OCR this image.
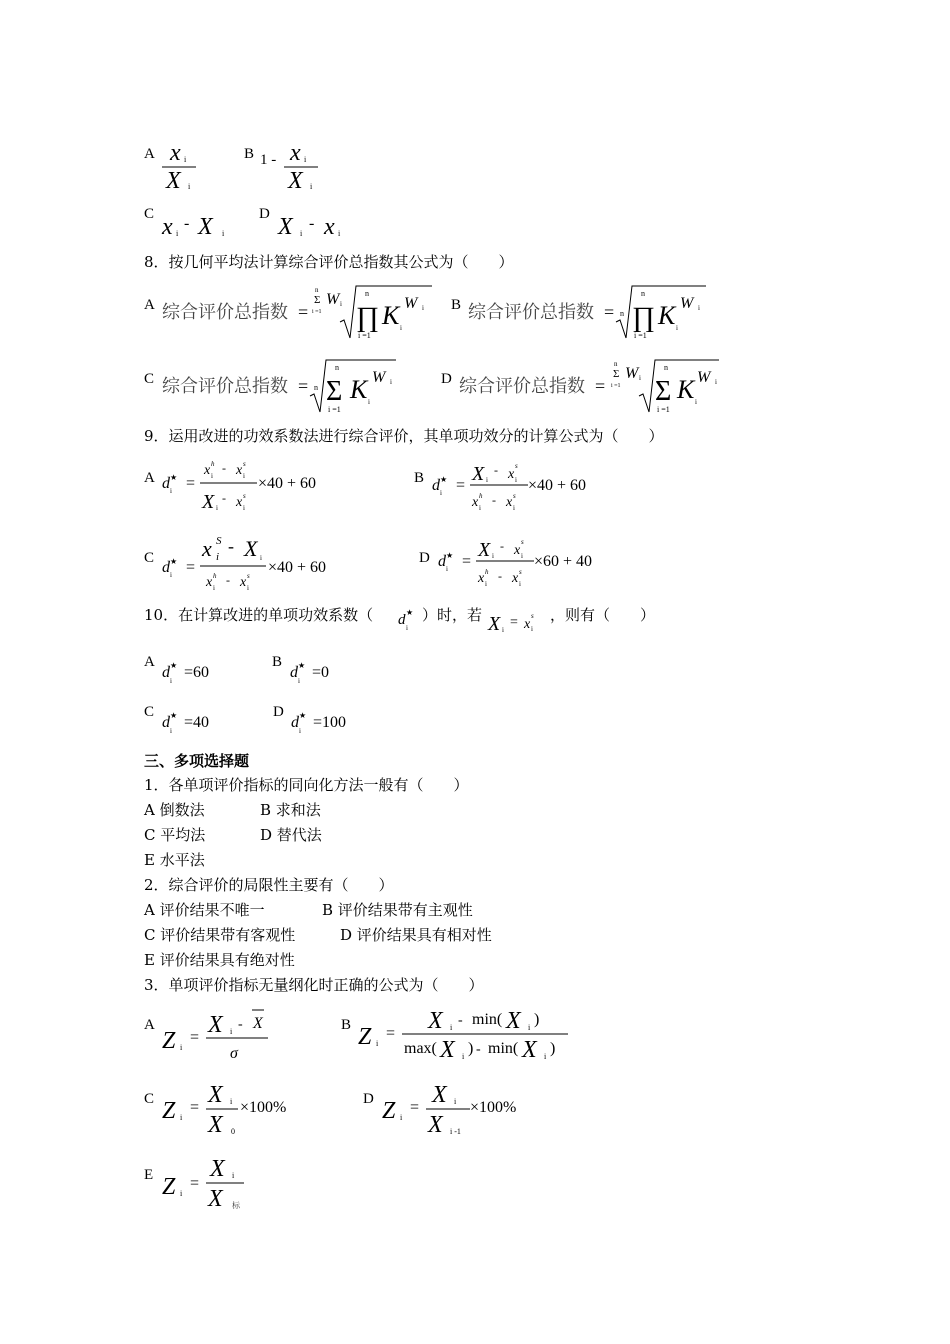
A x i
X i
B 1 - x i
X i
C x i
- X i
D X i
- x i
8．按几何平均法计算综合评价总指数其公式为（　　）
A 综合评价总指数 =
n
Σ
i =1
W i
n
∏
i =1
K i
W i B 综合评价总指数 = n
n
∏
i =1
K i
W i
C 综合评价总指数 = n
n
Σ
i =1
K i
W i	D 综合评价总指数 =
n
Σ
i =1
W i
n
Σ
i =1
K i
W i
9．运用改进的功效系数法进行综合评价，其单项功效分的计算公式为（　　）
A d ★
i =
x h
i
- x s
i
X i
- x s
i
×40 + 60	B d ★
i =
X i
- x
s
i
x h
i
- x s
i
×40 + 60
C
d ★
i =
x S
i
- X i
x h
i
- x s
i
×40 + 60
D d ★
i =
X i
- x
s
i
x h
i
- x s
i
×60 + 40
10．在计算改进的单项功效系数（ d ★
i
）时，若 X i = x
s
i
，则有（　　）
A
d ★
i =60
B
d ★
i =0
C
d ★
i =40
D
d ★
i =100
三、多项选择题
1．各单项评价指标的同向化方法一般有（　　）
A 倒数法	B 求和法
C 平均法	D 替代法
E 水平法
2．综合评价的局限性主要有（　　）
A 评价结果不唯一	B 评价结果带有主观性
C 评价结果带有客观性	D 评价结果具有相对性
E 评价结果具有绝对性
3．单项评价指标无量纲化时正确的公式为（　　）
A
Z i
= X i - X
σ
B Z i
= X i - min( X i )
max( X i ) - min( X i )
C Z i
= X i
X 0
×100%	D Z i
= X i
X i -1
×100%
E Z i
=
X i
X 标
